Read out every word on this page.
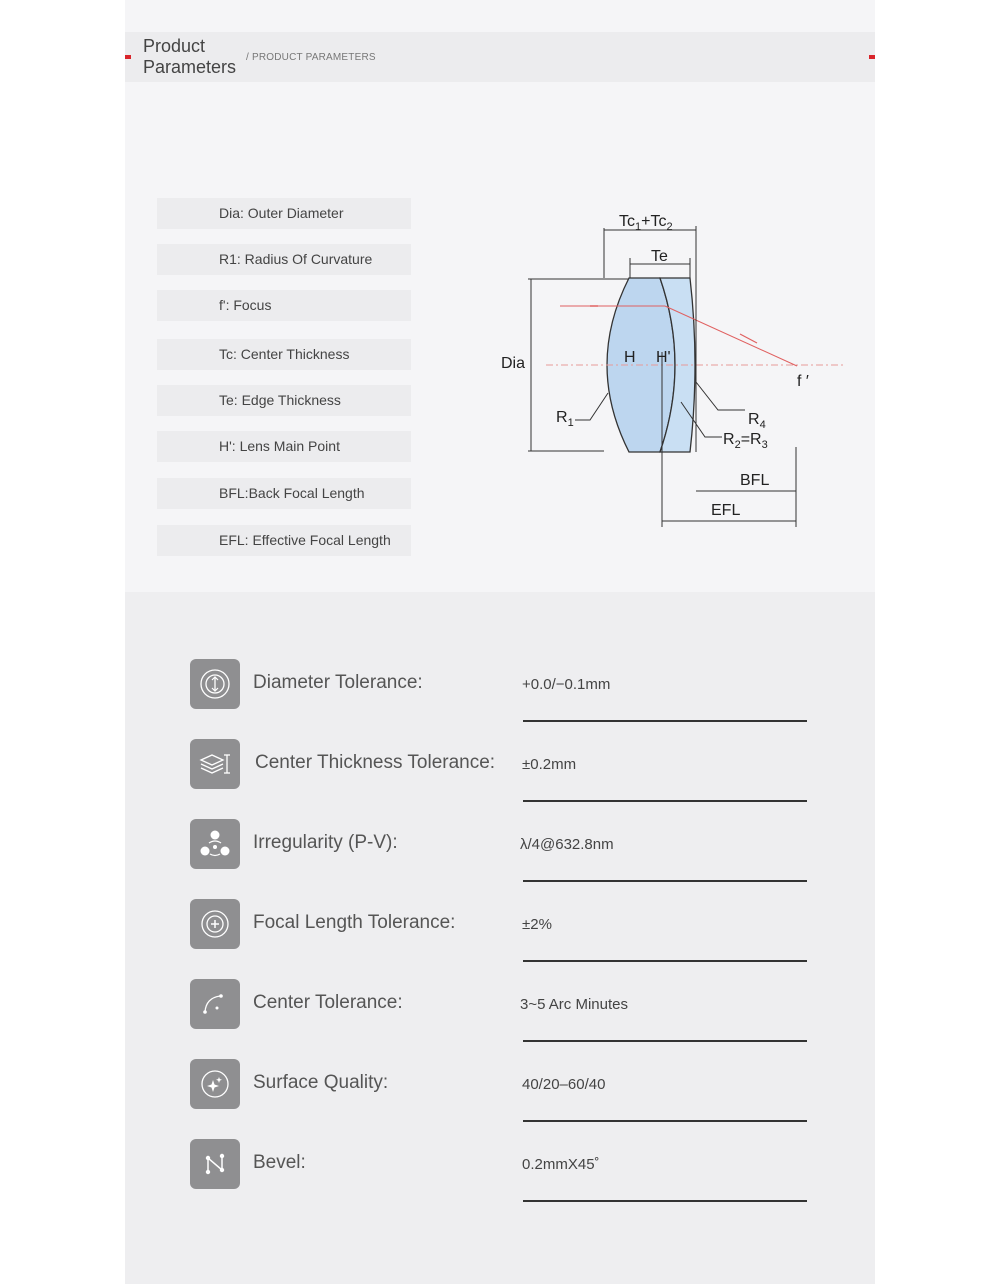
Product
Parameters / PRODUCT PARAMETERS
Dia: Outer Diameter
R1: Radius Of Curvature
f': Focus
Tc: Center Thickness
Te: Edge Thickness
H': Lens Main Point
BFL:Back Focal Length
EFL: Effective Focal Length
$Tc_1+Tc_2$
Te
Dia	H H'
f ′
$R_1$	$R_4$
$R_2=R_3$
BFL
EFL
Diameter Tolerance:	+0.0/−0.1mm
Center Thickness Tolerance: ±0.2mm
Irregularity (P-V):	λ/4@632.8nm
Focal Length Tolerance:	±2%
Center Tolerance:	3~5 Arc Minutes
Surface Quality:	40/20–60/40
Bevel:	0.2mmX45˚
